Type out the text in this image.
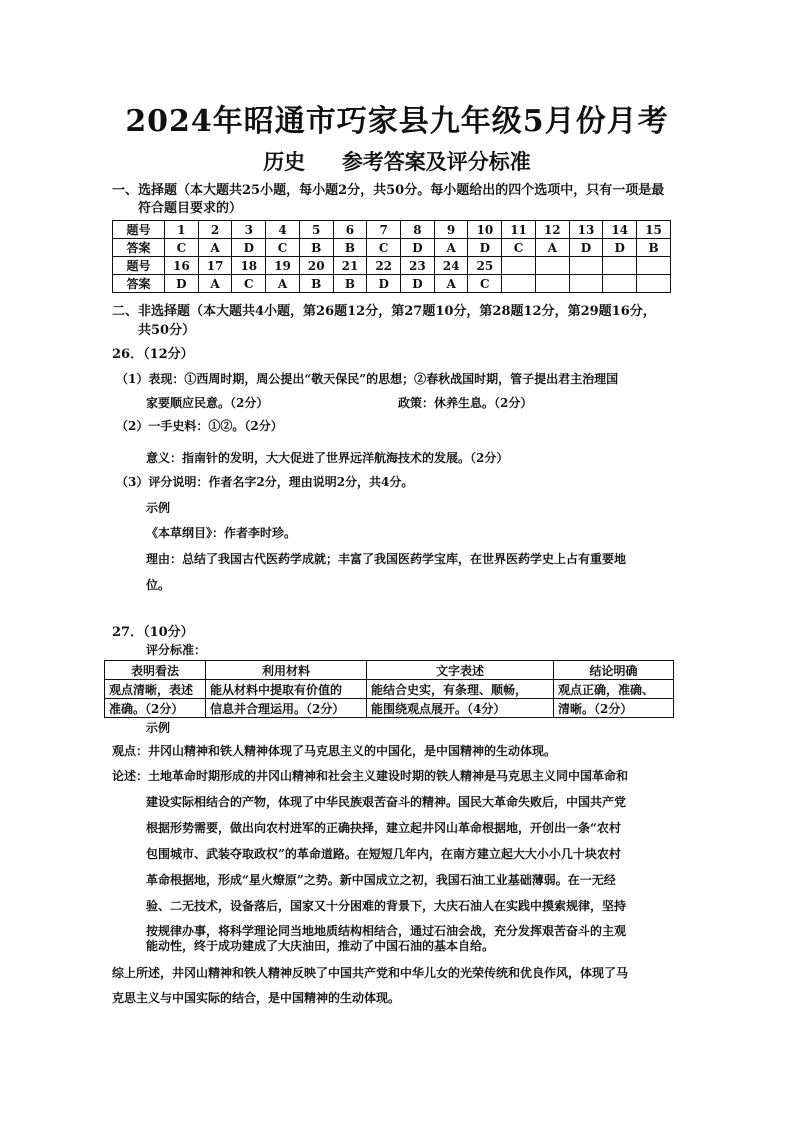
2024年昭通市巧家县九年级5月份月考
历史 参考答案及评分标准
一、选择题（本大题共25小题，每小题2分，共50分。每小题给出的四个选项中，只有一项是最
符合题目要求的）
题号	1	2	3	4	5	6	7	8	9	10	11	12	13	14	15
答案	C	A	D	C	B	B	C	D	A	D	C	A	D	D	B
题号	16	17	18	19	20	21	22	23	24	25					
答案	D	A	C	A	B	B	D	D	A	C					
二、非选择题（本大题共4小题，第26题12分，第27题10分，第28题12分，第29题16分，
共50分）
26．（12分）
（1）表现：①西周时期，周公提出“敬天保民”的思想；②春秋战国时期，管子提出君主治理国
家要顺应民意。（2分）	政策：休养生息。（2分）
（2）一手史料：①②。（2分）
意义：指南针的发明，大大促进了世界远洋航海技术的发展。（2分）
（3）评分说明：作者名字2分，理由说明2分，共4分。
示例
《本草纲目》：作者李时珍。
理由：总结了我国古代医药学成就；丰富了我国医药学宝库，在世界医药学史上占有重要地
位。
27．（10分）
评分标准：
表明看法	利用材料	文字表述	结论明确
观点清晰，表述	能从材料中提取有价值的	能结合史实，有条理、顺畅，	观点正确，准确、
准确。（2分）	信息并合理运用。（2分）	能围绕观点展开。（4分）	清晰。（2分）
示例
观点：井冈山精神和铁人精神体现了马克思主义的中国化，是中国精神的生动体现。
论述：土地革命时期形成的井冈山精神和社会主义建设时期的铁人精神是马克思主义同中国革命和
建设实际相结合的产物，体现了中华民族艰苦奋斗的精神。国民大革命失败后，中国共产党
根据形势需要，做出向农村进军的正确抉择，建立起井冈山革命根据地，开创出一条“农村
包围城市、武装夺取政权”的革命道路。在短短几年内，在南方建立起大大小小几十块农村
革命根据地，形成“星火燎原”之势。新中国成立之初，我国石油工业基础薄弱。在一无经
验、二无技术，设备落后，国家又十分困难的背景下，大庆石油人在实践中摸索规律，坚持
按规律办事，将科学理论同当地地质结构相结合，通过石油会战，充分发挥艰苦奋斗的主观
能动性，终于成功建成了大庆油田，推动了中国石油的基本自给。
综上所述，井冈山精神和铁人精神反映了中国共产党和中华儿女的光荣传统和优良作风，体现了马
克思主义与中国实际的结合，是中国精神的生动体现。
